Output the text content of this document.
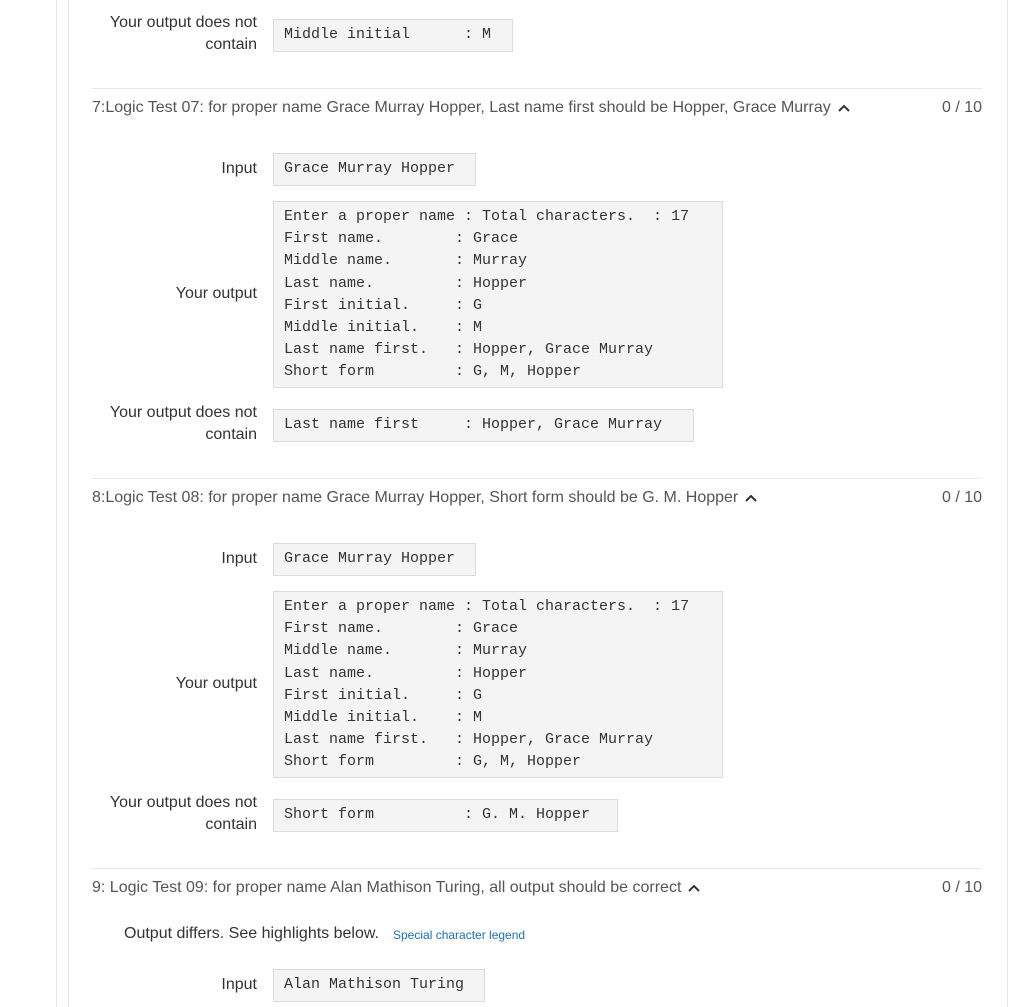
Your output does not contain
Middle initial      : M
7:Logic Test 07: for proper name Grace Murray Hopper, Last name first should be Hopper, Grace Murray	0 / 10
Input	Grace Murray Hopper
Your output
Enter a proper name : Total characters.  : 17
First name.        : Grace
Middle name.       : Murray
Last name.         : Hopper
First initial.     : G
Middle initial.    : M
Last name first.   : Hopper, Grace Murray
Short form         : G, M, Hopper
Your output does not contain
Last name first     : Hopper, Grace Murray
8:Logic Test 08: for proper name Grace Murray Hopper, Short form should be G. M. Hopper	0 / 10
Input	Grace Murray Hopper
Your output
Enter a proper name : Total characters.  : 17
First name.        : Grace
Middle name.       : Murray
Last name.         : Hopper
First initial.     : G
Middle initial.    : M
Last name first.   : Hopper, Grace Murray
Short form         : G, M, Hopper
Your output does not contain
Short form          : G. M. Hopper
9: Logic Test 09: for proper name Alan Mathison Turing, all output should be correct	0 / 10
Output differs. See highlights below. Special character legend
Input	Alan Mathison Turing
